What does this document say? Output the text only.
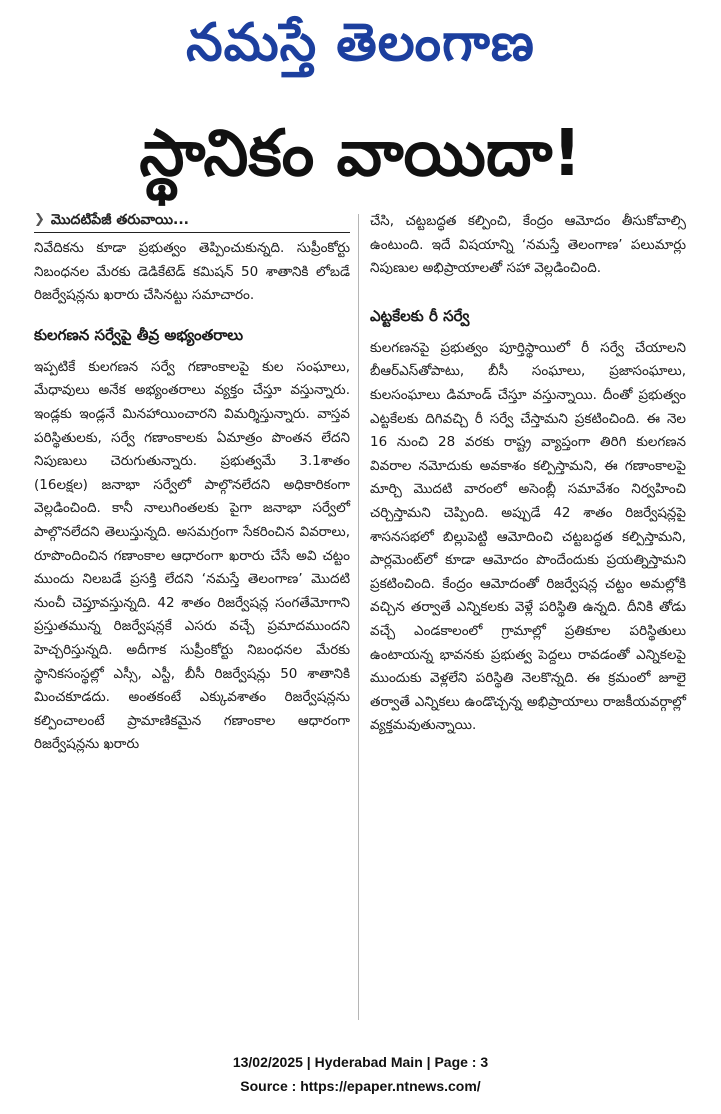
నమస్తే తెలంగాణ
స్థానికం వాయిదా!
❯ మొదటిపేజీ తరువాయి...

నివేదికను కూడా ప్రభుత్వం తెప్పించుకున్నది. సుప్రీంకోర్టు నిబంధనల మేరకు డెడికేటెడ్ కమిషన్ 50 శాతానికి లోబడే రిజర్వేషన్లను ఖరారు చేసినట్టు సమాచారం.

కులగణన సర్వేపై తీవ్ర అభ్యంతరాలు

ఇప్పటికే కులగణన సర్వే గణాంకాలపై కుల సంఘాలు, మేధావులు అనేక అభ్యంతరాలు వ్యక్తం చేస్తూ వస్తున్నారు. ఇండ్లకు ఇండ్లనే మినహాయించారని విమర్శిస్తున్నారు. వాస్తవ పరిస్థితులకు, సర్వే గణాంకాలకు ఏమాత్రం పొంతన లేదని నిపుణులు చెరుగుతున్నారు. ప్రభుత్వమే 3.1శాతం (16లక్షల) జనాభా సర్వేలో పాల్గొనలేదని అధికారికంగా వెల్లడించింది. కానీ నాలుగింతలకు పైగా జనాభా సర్వేలో పాల్గొనలేదని తెలుస్తున్నది. అసమగ్రంగా సేకరించిన వివరాలు, రూపొందించిన గణాంకాల ఆధారంగా ఖరారు చేసే అవి చట్టం ముందు నిలబడే ప్రసక్తి లేదని ‘నమస్తే తెలంగాణ’ మొదటి నుంచీ చెప్తూవస్తున్నది. 42 శాతం రిజర్వేషన్ల సంగతేమోగాని ప్రస్తుతమున్న రిజర్వేషన్లకే ఎసరు వచ్చే ప్రమాదముందని హెచ్చరిస్తున్నది. అదీగాక సుప్రీంకోర్టు నిబంధనల మేరకు స్థానికసంస్థల్లో ఎస్సీ, ఎస్టీ, బీసీ రిజర్వేషన్లు 50 శాతానికి మించకూడదు. అంతకంటే ఎక్కువశాతం రిజర్వేషన్లను కల్పించాలంటే ప్రామాణికమైన గణాంకాల ఆధారంగా రిజర్వేషన్లను ఖరారు

చేసి, చట్టబద్ధత కల్పించి, కేంద్రం ఆమోదం తీసుకోవాల్సి ఉంటుంది. ఇదే విషయాన్ని ‘నమస్తే తెలంగాణ’ పలుమార్లు నిపుణుల అభిప్రాయాలతో సహా వెల్లడించింది.

ఎట్టకేలకు రీ సర్వే

కులగణనపై ప్రభుత్వం పూర్తిస్థాయిలో రీ సర్వే చేయాలని బీఆర్ఎస్‌తోపాటు, బీసీ సంఘాలు, ప్రజాసంఘాలు, కులసంఘాలు డిమాండ్ చేస్తూ వస్తున్నాయి. దీంతో ప్రభుత్వం ఎట్టకేలకు దిగివచ్చి రీ సర్వే చేస్తామని ప్రకటించింది. ఈ నెల 16 నుంచి 28 వరకు రాష్ట్ర వ్యాప్తంగా తిరిగి కులగణన వివరాల నమోదుకు అవకాశం కల్పిస్తామని, ఈ గణాంకాలపై మార్చి మొదటి వారంలో అసెంబ్లీ సమావేశం నిర్వహించి చర్చిస్తామని చెప్పింది. అప్పుడే 42 శాతం రిజర్వేషన్లపై శాసనసభలో బిల్లుపెట్టి ఆమోదించి చట్టబద్ధత కల్పిస్తామని, పార్లమెంట్‌లో కూడా ఆమోదం పొందేందుకు ప్రయత్నిస్తామని ప్రకటించింది. కేంద్రం ఆమోదంతో రిజర్వేషన్ల చట్టం అమల్లోకి వచ్చిన తర్వాతే ఎన్నికలకు వెళ్లే పరిస్థితి ఉన్నది. దీనికి తోడు వచ్చే ఎండకాలంలో గ్రామాల్లో ప్రతికూల పరిస్థితులు ఉంటాయన్న భావనకు ప్రభుత్వ పెద్దలు రావడంతో ఎన్నికలపై ముందుకు వెళ్లలేని పరిస్థితి నెలకొన్నది. ఈ క్రమంలో జూలై తర్వాతే ఎన్నికలు ఉండొచ్చన్న అభిప్రాయాలు రాజకీయవర్గాల్లో వ్యక్తమవుతున్నాయి.

13/02/2025 | Hyderabad Main | Page : 3
Source : https://epaper.ntnews.com/
